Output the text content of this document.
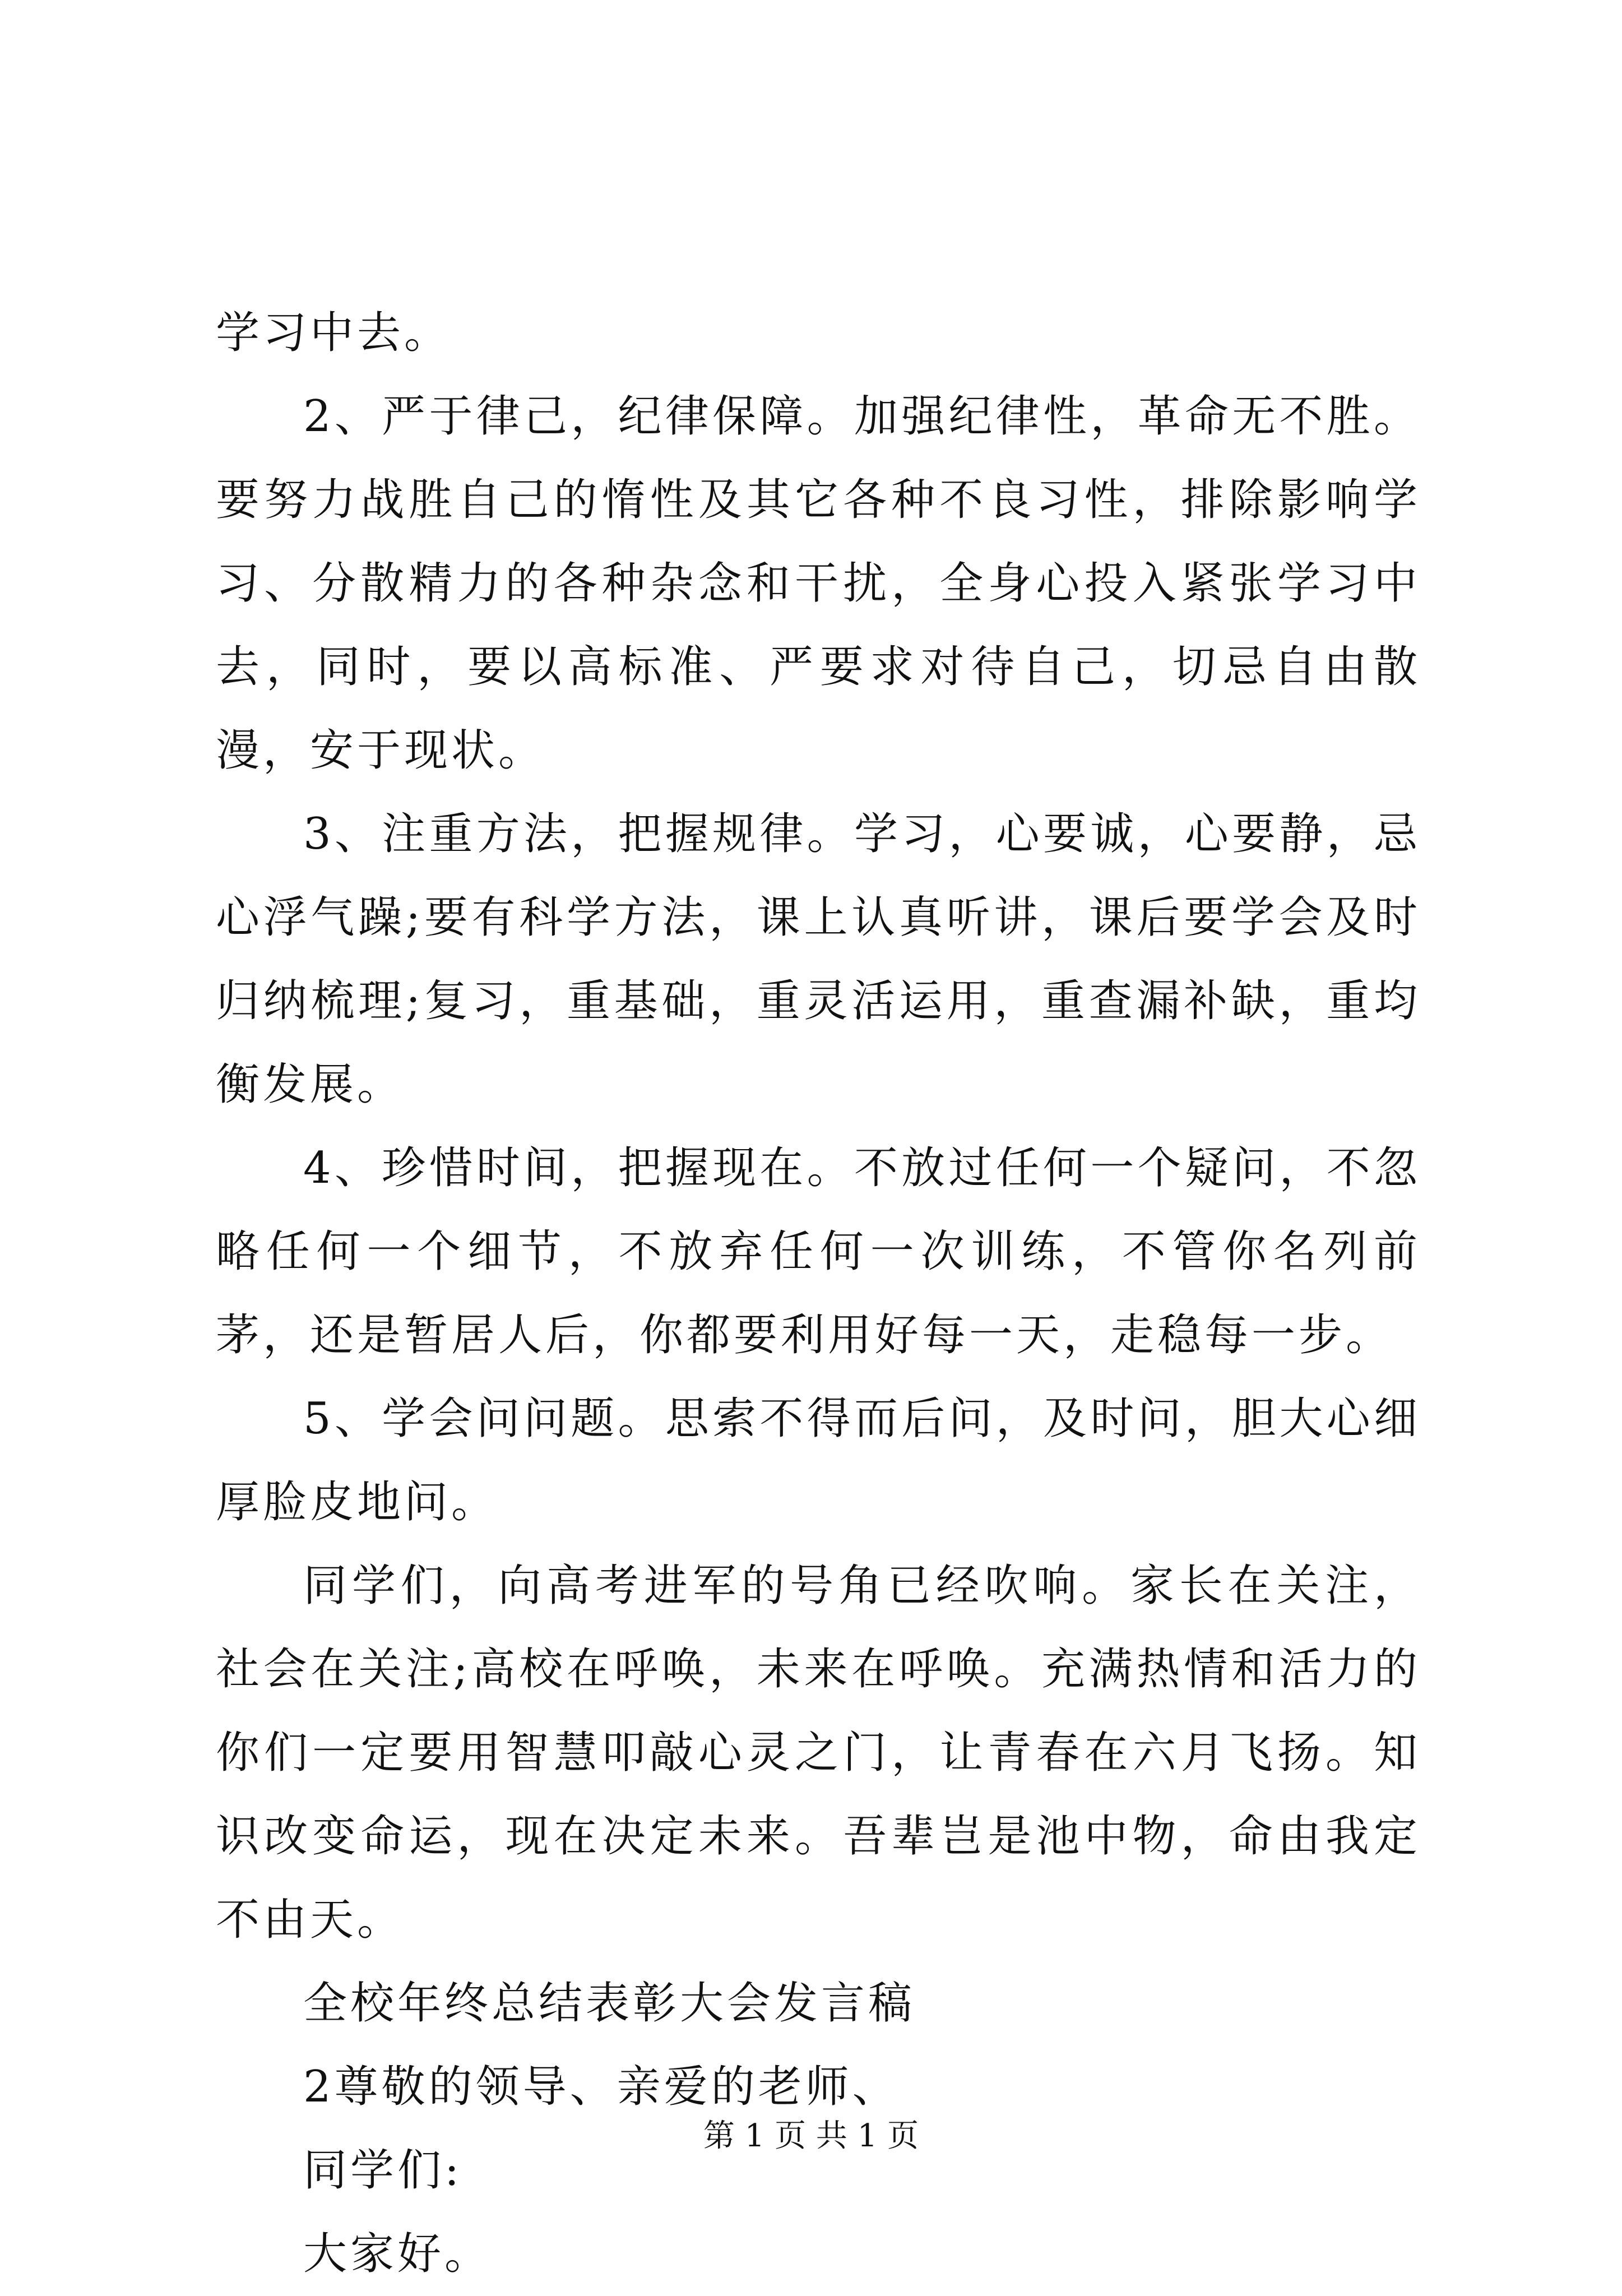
学习中去。

2、严于律己，纪律保障。加强纪律性，革命无不胜。要努力战胜自己的惰性及其它各种不良习性，排除影响学习、分散精力的各种杂念和干扰，全身心投入紧张学习中去，同时，要以高标准、严要求对待自己，切忌自由散漫，安于现状。

3、注重方法，把握规律。学习，心要诚，心要静，忌心浮气躁;要有科学方法，课上认真听讲，课后要学会及时归纳梳理;复习，重基础，重灵活运用，重查漏补缺，重均衡发展。

4、珍惜时间，把握现在。不放过任何一个疑问，不忽略任何一个细节，不放弃任何一次训练，不管你名列前茅，还是暂居人后，你都要利用好每一天，走稳每一步。

5、学会问问题。思索不得而后问，及时问，胆大心细厚脸皮地问。

同学们，向高考进军的号角已经吹响。家长在关注，社会在关注;高校在呼唤，未来在呼唤。充满热情和活力的你们一定要用智慧叩敲心灵之门，让青春在六月飞扬。知识改变命运，现在决定未来。吾辈岂是池中物，命由我定不由天。

全校年终总结表彰大会发言稿

2尊敬的领导、亲爱的老师、

同学们:

大家好。

第 1 页 共 1 页
